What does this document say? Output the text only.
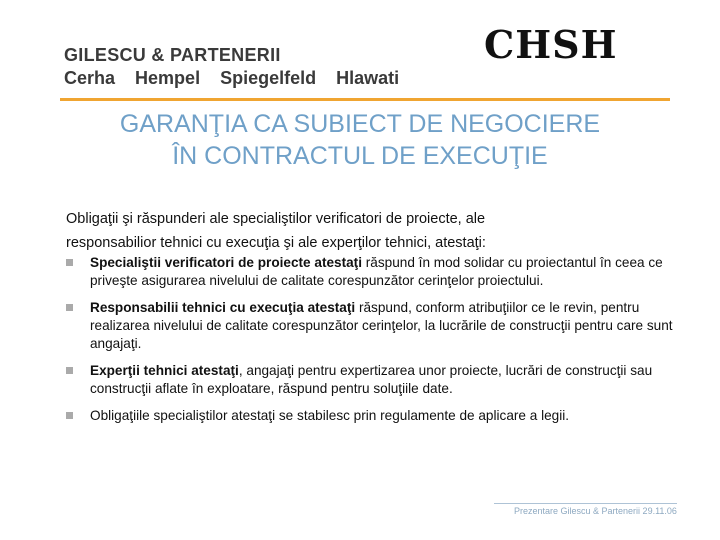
GILESCU & PARTENERII
Cerha Hempel Spiegelfeld Hlawati
CHSH
GARANŢIA CA SUBIECT DE NEGOCIERE
ÎN CONTRACTUL DE EXECUŢIE
Obligaţii şi răspunderi ale specialiştilor verificatori de proiecte, ale
responsabilior tehnici cu execuţia şi ale experţilor tehnici, atestaţi:
Specialiştii verificatori de proiecte atestaţi răspund în mod solidar cu proiectantul în ceea ce priveşte asigurarea nivelului de calitate corespunzător cerinţelor proiectului.
Responsabilii tehnici cu execuţia atestaţi răspund, conform atribuţiilor ce le revin, pentru realizarea nivelului de calitate corespunzător cerinţelor, la lucrările de construcţii pentru care sunt angajaţi.
Experţii tehnici atestaţi, angajaţi pentru expertizarea unor proiecte, lucrări de construcţii sau construcţii aflate în exploatare, răspund pentru soluţiile date.
Obligaţiile specialiştilor atestaţi se stabilesc prin regulamente de aplicare a legii.
Prezentare Gilescu & Partenerii 29.11.06
